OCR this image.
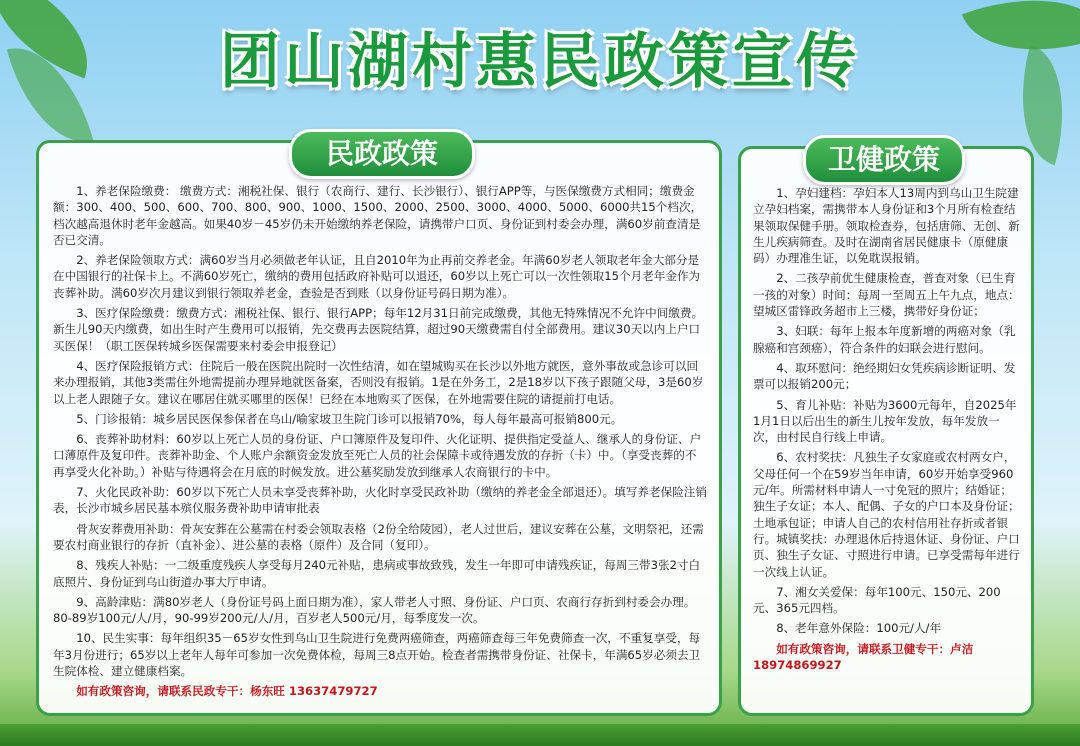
团山湖村惠民政策宣传
民政政策

1、养老保险缴费： 缴费方式：湘税社保、银行（农商行、建行、长沙银行）、银行APP等，与医保缴费方式相同；缴费金额：300、400、500、600、700、800、900、1000、1500、2000、2500、3000、4000、5000、6000共15个档次，档次越高退休时老年金越高。如果40岁－45岁仍未开始缴纳养老保险，请携带户口页、身份证到村委会办理，满60岁前查清是否已交清。

2、养老保险领取方式：满60岁当月必须做老年认证，且自2010年为止再前交养老金。年满60岁老人领取老年金大部分是在中国银行的社保卡上。不满60岁死亡，缴纳的费用包括政府补贴可以退还，60岁以上死亡可以一次性领取15个月老年金作为丧葬补助。满60岁次月建议到银行领取养老金，查验是否到账（以身份证号码日期为准）。

3、医疗保险缴费：缴费方式：湘税社保、银行、银行APP；每年12月31日前完成缴费，其他无特殊情况不允许中间缴费。新生儿90天内缴费，如出生时产生费用可以报销，先交费再去医院结算，超过90天缴费需自付全部费用。建议30天以内上户口买医保！（职工医保转城乡医保需要来村委会申报登记）

4、医疗保险报销方式：住院后一般在医院出院时一次性结清，如在望城购买在长沙以外地方就医，意外事故或急诊可以回来办理报销，其他3类需住外地需提前办理异地就医备案，否则没有报销。1是在外务工，2是18岁以下孩子跟随父母，3是60岁以上老人跟随子女。建议在哪居住就买哪里的医保！已经在本地购买了医保，在外地需要住院的请提前打电话。

5、门诊报销：城乡居民医保参保者在乌山/喻家坡卫生院门诊可以报销70%，每人每年最高可报销800元。

6、丧葬补助材料：60岁以上死亡人员的身份证、户口簿原件及复印件、火化证明、提供指定受益人、继承人的身份证、户口薄原件及复印件。丧葬补助金、个人账户余额资金发放至死亡人员的社会保障卡或待遇发放的存折（卡）中。（享受丧葬的不再享受火化补助。）补贴与待遇将会在月底的时候发放。进公墓奖励发放到继承人农商银行的卡中。

7、火化民政补助：60岁以下死亡人员未享受丧葬补助，火化时享受民政补助（缴纳的养老金全部退还）。填写养老保险注销表，长沙市城乡居民基本殡仪服务费补助申请审批表

骨灰安葬费用补助：骨灰安葬在公墓需在村委会领取表格（2份全给陵园），老人过世后，建议安葬在公墓，文明祭祀，还需要农村商业银行的存折（直补金）、进公墓的表格（原件）及合同（复印）。

8、残疾人补贴：一二级重度残疾人享受每月240元补贴，患病或事故致残，发生一年即可申请残疾证，每周三带3张2寸白底照片、身份证到乌山街道办事大厅申请。

9、高龄津贴：满80岁老人（身份证号码上面日期为准），家人带老人寸照、身份证、户口页、农商行存折到村委会办理。80-89岁100元/人/月，90-99岁200元/人/月，百岁老人500元/月，每季度发一次。

10、民生实事：每年组织35－65岁女性到乌山卫生院进行免费两癌筛查，两癌筛查每三年免费筛查一次，不重复享受，每年3月份进行；65岁以上老年人每年可参加一次免费体检，每周三8点开始。检查者需携带身份证、社保卡，年满65岁必须去卫生院体检、建立健康档案。

如有政策咨询，请联系民政专干：杨东旺 13637479727

卫健政策

1、孕妇建档：孕妇本人13周内到乌山卫生院建立孕妇档案，需携带本人身份证和3个月所有检查结果领取保健手册。领取检查券，包括唐筛、无创、新生儿疾病筛查。及时在湖南省居民健康卡（原健康码）办理准生证，以免耽误报销。

2、二孩孕前优生健康检查，普查对象（已生育一孩的对象）时间：每周一至周五上午九点，地点：望城区雷锋政务超市上三楼，携带好身份证；

3、妇联：每年上报本年度新增的两癌对象（乳腺癌和宫颈癌），符合条件的妇联会进行慰问。

4、取环慰问：绝经期妇女凭疾病诊断证明、发票可以报销200元；

5、育儿补贴：补贴为3600元每年，自2025年1月1日以后出生的新生儿按年发放，每年发放一次，由村民自行线上申请。

6、农村奖扶：凡独生子女家庭或农村两女户，父母任何一个在59岁当年申请，60岁开始享受960元/年。所需材料申请人一寸免冠的照片；结婚证；独生子女证；本人、配偶、子女的户口本及身份证；土地承包证；申请人自己的农村信用社存折或者银行。城镇奖扶：办理退休后持退休证、身份证、户口页、独生子女证、寸照进行申请。已享受需每年进行一次线上认证。

7、湘女关爱保：每年100元、150元、200元、365元四档。

8、老年意外保险：100元/人/年

如有政策咨询，请联系卫健专干：卢洁 18974869927
